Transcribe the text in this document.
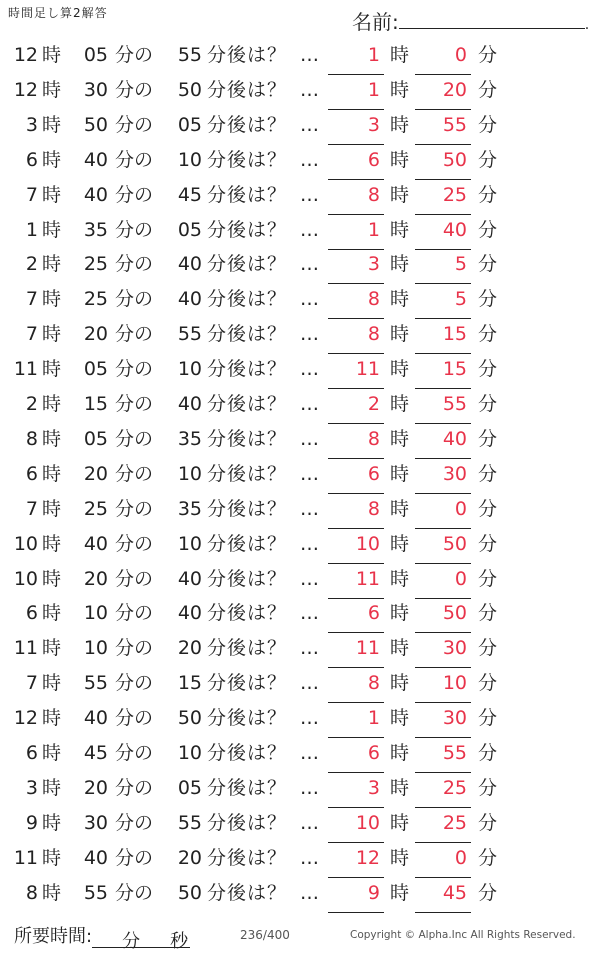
時間足し算2解答	名前:	.
12 時	05 分の	55 分後は？ …	1 時	0 分
12 時	30 分の	50 分後は？ …	1 時	20 分
3 時	50 分の	05 分後は？ …	3 時	55 分
6 時	40 分の	10 分後は？ …	6 時	50 分
7 時	40 分の	45 分後は？ …	8 時	25 分
1 時	35 分の	05 分後は？ …	1 時	40 分
2 時	25 分の	40 分後は？ …	3 時	5 分
7 時	25 分の	40 分後は？ …	8 時	5 分
7 時	20 分の	55 分後は？ …	8 時	15 分
11 時	05 分の	10 分後は？ …	11 時	15 分
2 時	15 分の	40 分後は？ …	2 時	55 分
8 時	05 分の	35 分後は？ …	8 時	40 分
6 時	20 分の	10 分後は？ …	6 時	30 分
7 時	25 分の	35 分後は？ …	8 時	0 分
10 時	40 分の	10 分後は？ …	10 時	50 分
10 時	20 分の	40 分後は？ …	11 時	0 分
6 時	10 分の	40 分後は？ …	6 時	50 分
11 時	10 分の	20 分後は？ …	11 時	30 分
7 時	55 分の	15 分後は？ …	8 時	10 分
12 時	40 分の	50 分後は？ …	1 時	30 分
6 時	45 分の	10 分後は？ …	6 時	55 分
3 時	20 分の	05 分後は？ …	3 時	25 分
9 時	30 分の	55 分後は？ …	10 時	25 分
11 時	40 分の	20 分後は？ …	12 時	0 分
8 時	55 分の	50 分後は？ …	9 時	45 分
所要時間: 分 秒	236/400	Copyright © Alpha.Inc All Rights Reserved.
